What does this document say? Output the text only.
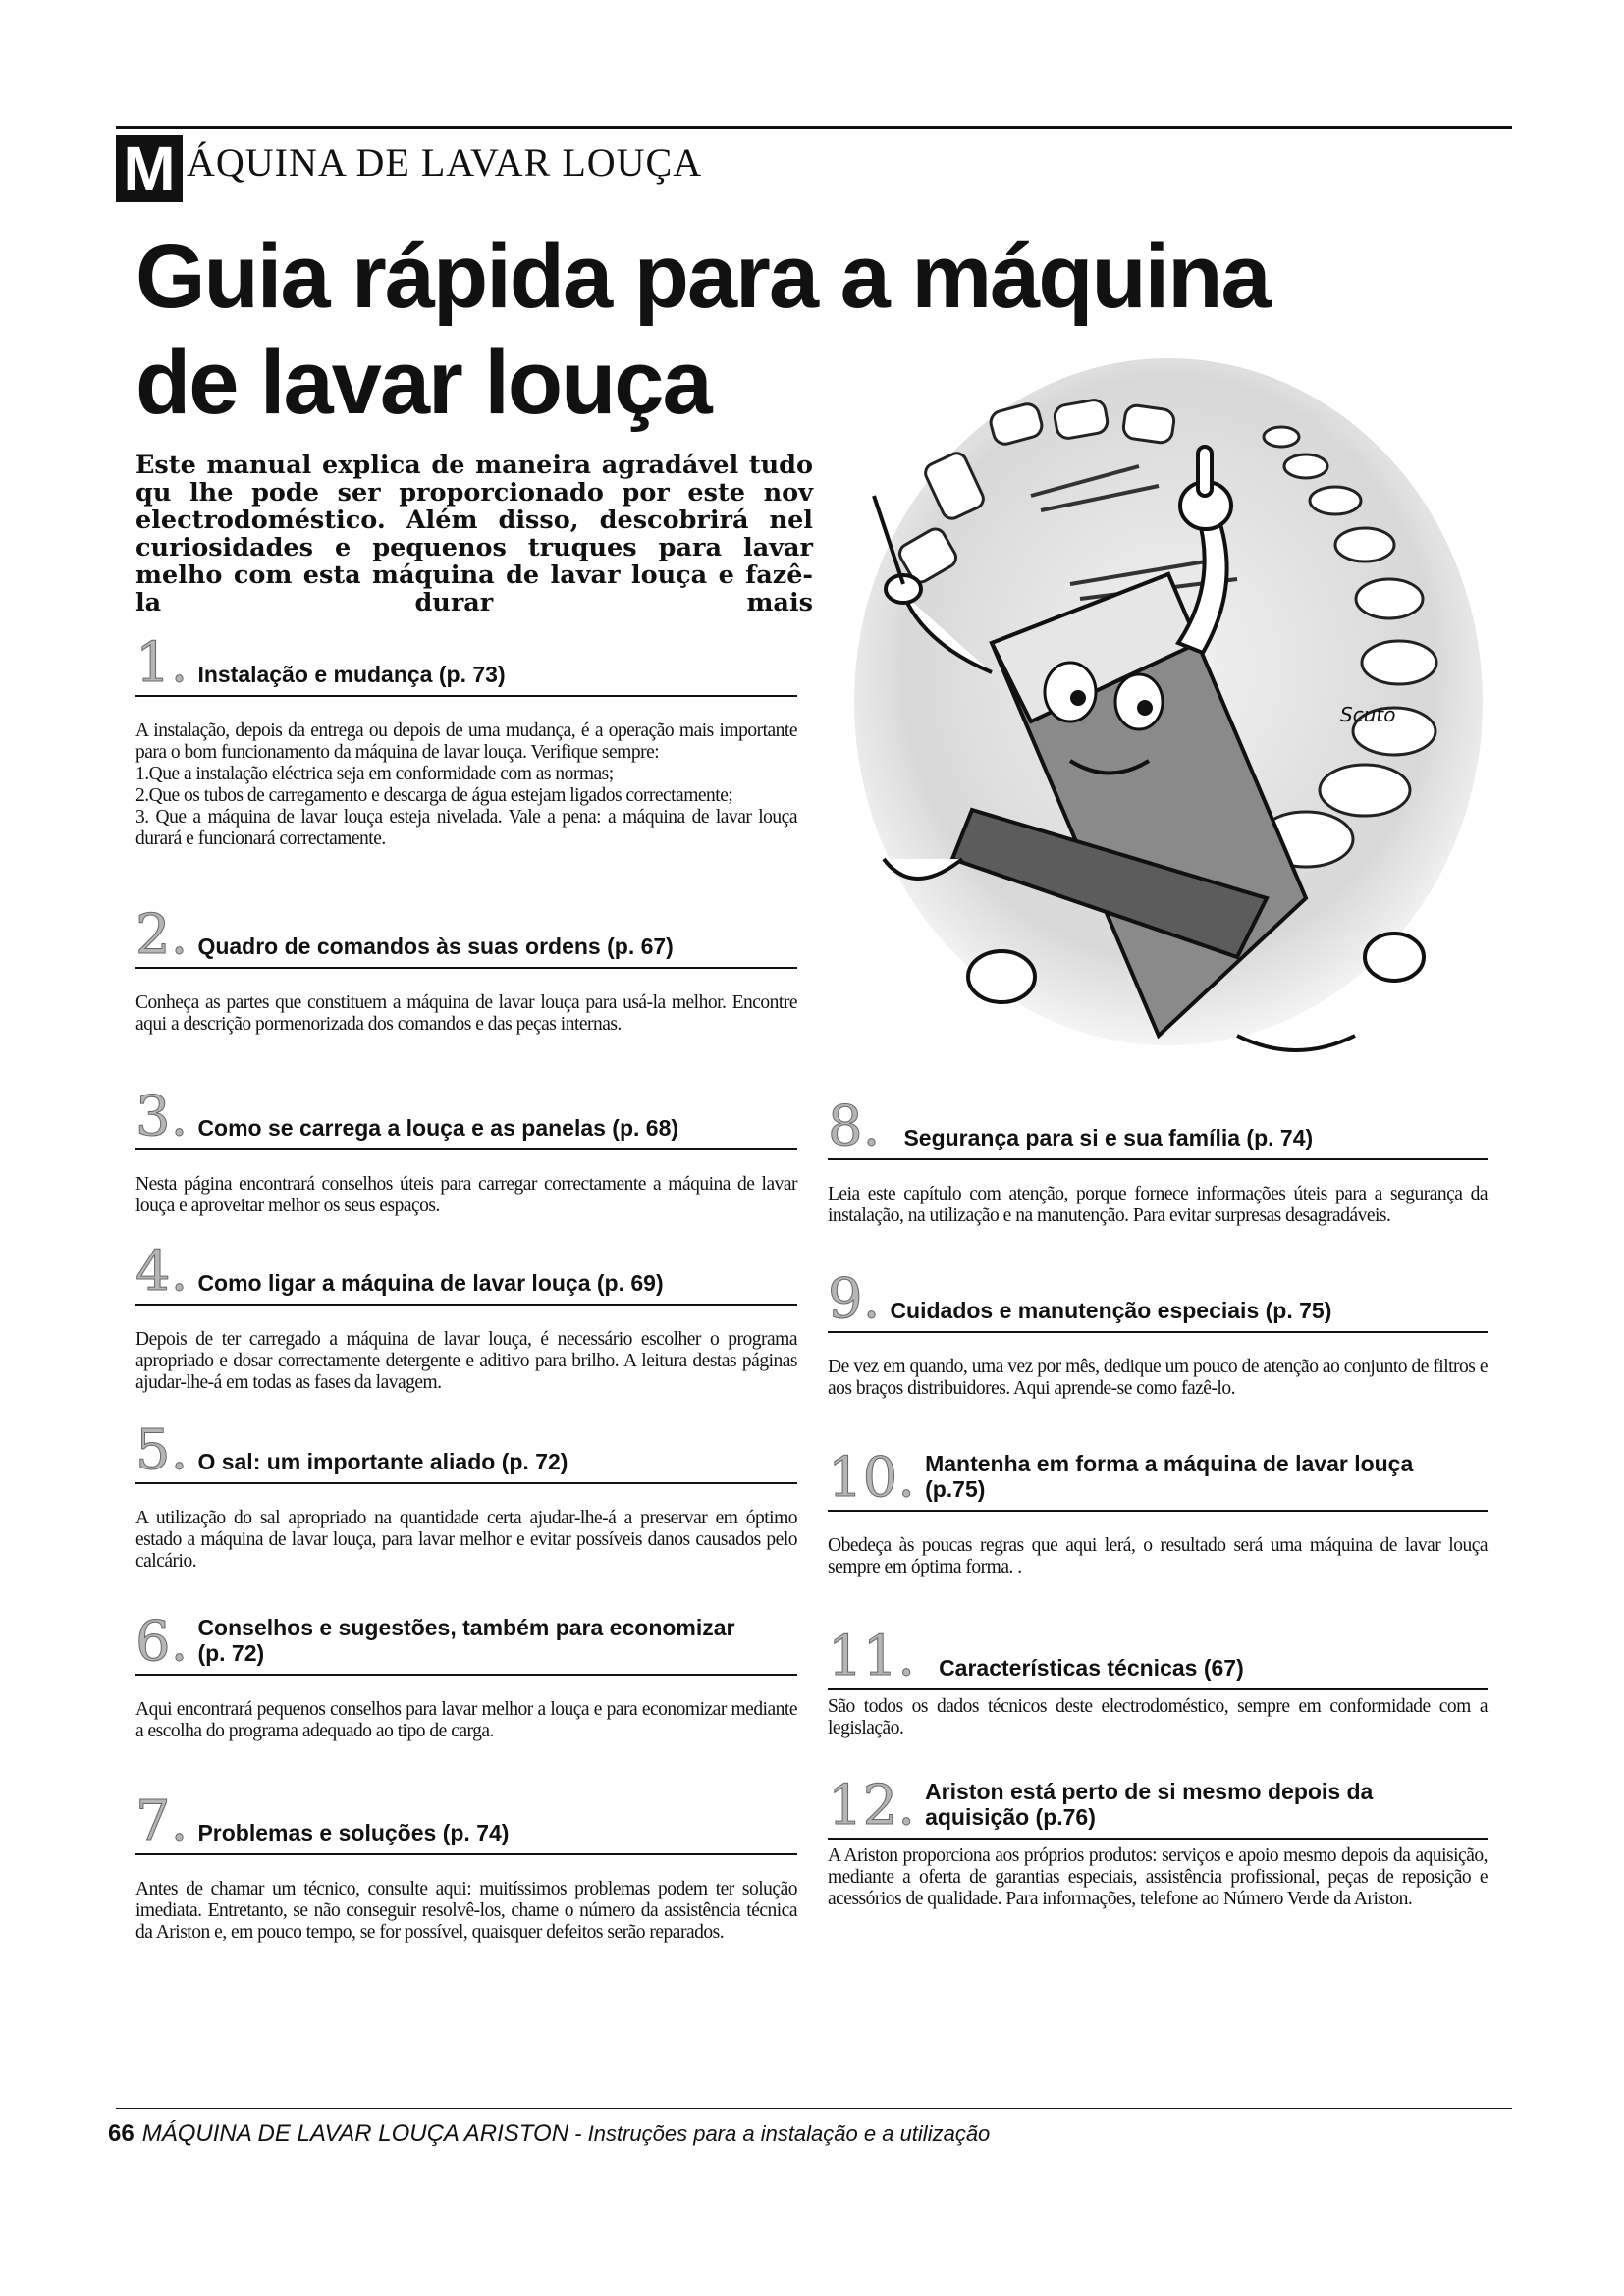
M ÁQUINA DE LAVAR LOUÇA
Guia rápida para a máquina
de lavar louça
Este manual explica de maneira agradável tudo qu lhe pode ser proporcionado por este nov electrodoméstico. Além disso, descobrirá nel curiosidades e pequenos truques para lavar melho com esta máquina de lavar louça e fazê-la durar mais
Scuto
1. Instalação e mudança (p. 73)
A instalação, depois da entrega ou depois de uma mudança, é a operação mais importante para o bom funcionamento da máquina de lavar louça. Verifique sempre:
1.Que a instalação eléctrica seja em conformidade com as normas;
2.Que os tubos de carregamento e descarga de água estejam ligados correctamente;
3. Que a máquina de lavar louça esteja nivelada. Vale a pena: a máquina de lavar louça durará e funcionará correctamente.
2. Quadro de comandos às suas ordens (p. 67)
Conheça as partes que constituem a máquina de lavar louça para usá-la melhor. Encontre aqui a descrição pormenorizada dos comandos e das peças internas.
3. Como se carrega a louça e as panelas (p. 68)
Nesta página encontrará conselhos úteis para carregar correctamente a máquina de lavar louça e aproveitar melhor os seus espaços.
4. Como ligar a máquina de lavar louça (p. 69)
Depois de ter carregado a máquina de lavar louça, é necessário escolher o programa apropriado e dosar correctamente detergente e aditivo para brilho. A leitura destas páginas ajudar-lhe-á em todas as fases da lavagem.
5. O sal: um importante aliado (p. 72)
A utilização do sal apropriado na quantidade certa ajudar-lhe-á a preservar em óptimo estado a máquina de lavar louça, para lavar melhor e evitar possíveis danos causados pelo calcário.
6. Conselhos e sugestões, também para economizar (p. 72)
Aqui encontrará pequenos conselhos para lavar melhor a louça e para economizar mediante a escolha do programa adequado ao tipo de carga.
7. Problemas e soluções (p. 74)
Antes de chamar um técnico, consulte aqui: muitíssimos problemas podem ter solução imediata. Entretanto, se não conseguir resolvê-los, chame o número da assistência técnica da Ariston e, em pouco tempo, se for possível, quaisquer defeitos serão reparados.
8. Segurança para si e sua família (p. 74)
Leia este capítulo com atenção, porque fornece informações úteis para a segurança da instalação, na utilização e na manutenção. Para evitar surpresas desagradáveis.
9. Cuidados e manutenção especiais (p. 75)
De vez em quando, uma vez por mês, dedique um pouco de atenção ao conjunto de filtros e aos braços distribuidores. Aqui aprende-se como fazê-lo.
10. Mantenha em forma a máquina de lavar louça (p.75)
Obedeça às poucas regras que aqui lerá, o resultado será uma máquina de lavar louça sempre em óptima forma. .
11. Características técnicas (67)
São todos os dados técnicos deste electrodoméstico, sempre em conformidade com a legislação.
12. Ariston está perto de si mesmo depois da aquisição (p.76)
A Ariston proporciona aos próprios produtos: serviços e apoio mesmo depois da aquisição, mediante a oferta de garantias especiais, assistência profissional, peças de reposição e acessórios de qualidade. Para informações, telefone ao Número Verde da Ariston.
66 MÁQUINA DE LAVAR LOUÇA ARISTON - Instruções para a instalação e a utilização
